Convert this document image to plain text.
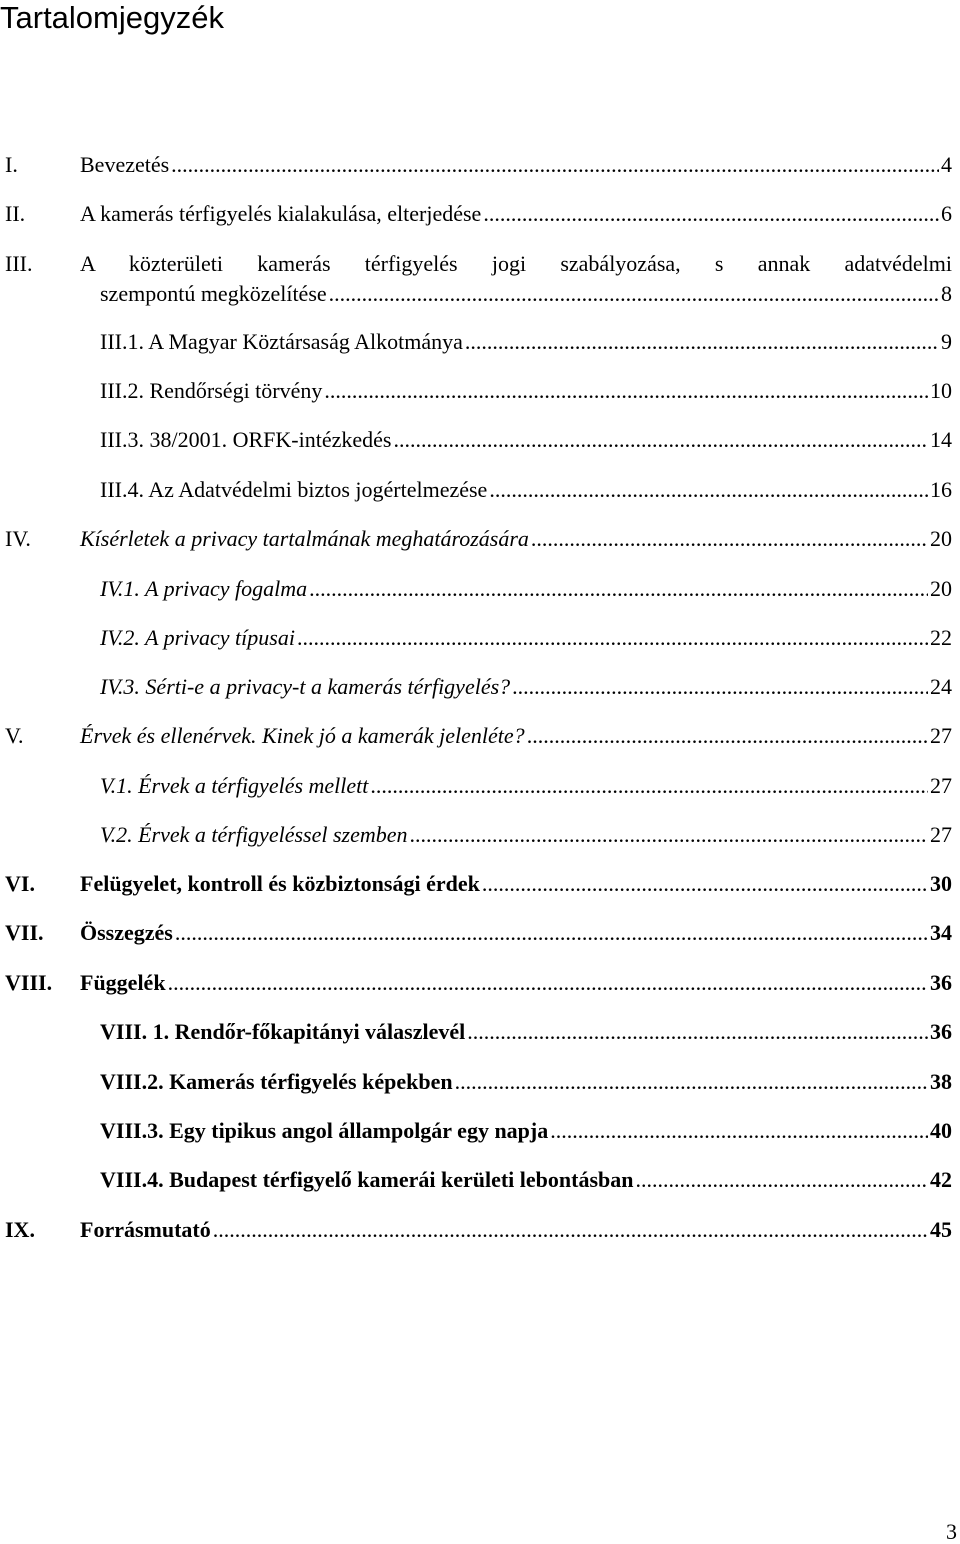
Tartalomjegyzék
I.	Bevezetés .....	4
II. A kamerás térfigyelés kialakulása, elterjedése .....	6
III. A közterületi kamerás térfigyelés jogi szabályozása, s annak adatvédelmi
szempontú megközelítése .....	8
III.1. A Magyar Köztársaság Alkotmánya .....	9
III.2. Rendőrségi törvény .....	10
III.3. 38/2001. ORFK-intézkedés .....	14
III.4. Az Adatvédelmi biztos jogértelmezése .....	16
IV. Kísérletek a privacy tartalmának meghatározására .....	20
IV.1. A privacy fogalma .....	20
IV.2. A privacy típusai .....	22
IV.3. Sérti-e a privacy-t a kamerás térfigyelés? .....	24
V.	Érvek és ellenérvek. Kinek jó a kamerák jelenléte? .....	27
V.1. Érvek a térfigyelés mellett .....	27
V.2. Érvek a térfigyeléssel szemben .....	27
VI. Felügyelet, kontroll és közbiztonsági érdek .....	30
VII. Összegzés .....	34
VIII. Függelék .....	36
VIII. 1. Rendőr-főkapitányi válaszlevél .....	36
VIII.2. Kamerás térfigyelés képekben .....	38
VIII.3. Egy tipikus angol állampolgár egy napja .....	40
VIII.4. Budapest térfigyelő kamerái kerületi lebontásban .....	42
IX. Forrásmutató .....	45
3
